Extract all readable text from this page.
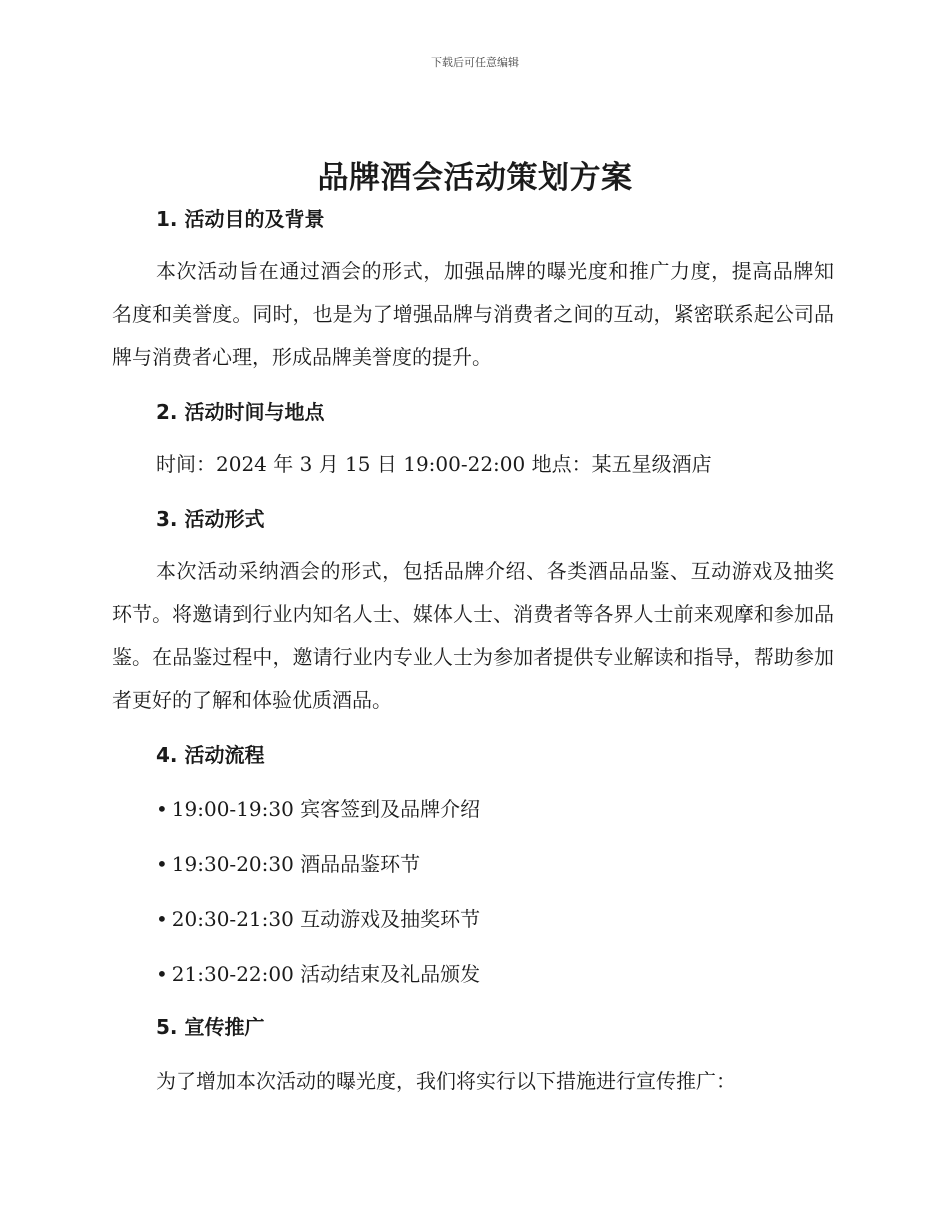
下载后可任意编辑
品牌酒会活动策划方案
1. 活动目的及背景

本次活动旨在通过酒会的形式，加强品牌的曝光度和推广力度，提高品牌知名度和美誉度。同时，也是为了增强品牌与消费者之间的互动，紧密联系起公司品牌与消费者心理，形成品牌美誉度的提升。

2. 活动时间与地点

时间：2024 年 3 月 15 日 19:00-22:00 地点：某五星级酒店

3. 活动形式

本次活动采纳酒会的形式，包括品牌介绍、各类酒品品鉴、互动游戏及抽奖环节。将邀请到行业内知名人士、媒体人士、消费者等各界人士前来观摩和参加品鉴。在品鉴过程中，邀请行业内专业人士为参加者提供专业解读和指导，帮助参加者更好的了解和体验优质酒品。

4. 活动流程

• 19:00-19:30 宾客签到及品牌介绍

• 19:30-20:30 酒品品鉴环节

• 20:30-21:30 互动游戏及抽奖环节

• 21:30-22:00 活动结束及礼品颁发

5. 宣传推广

为了增加本次活动的曝光度，我们将实行以下措施进行宣传推广：
